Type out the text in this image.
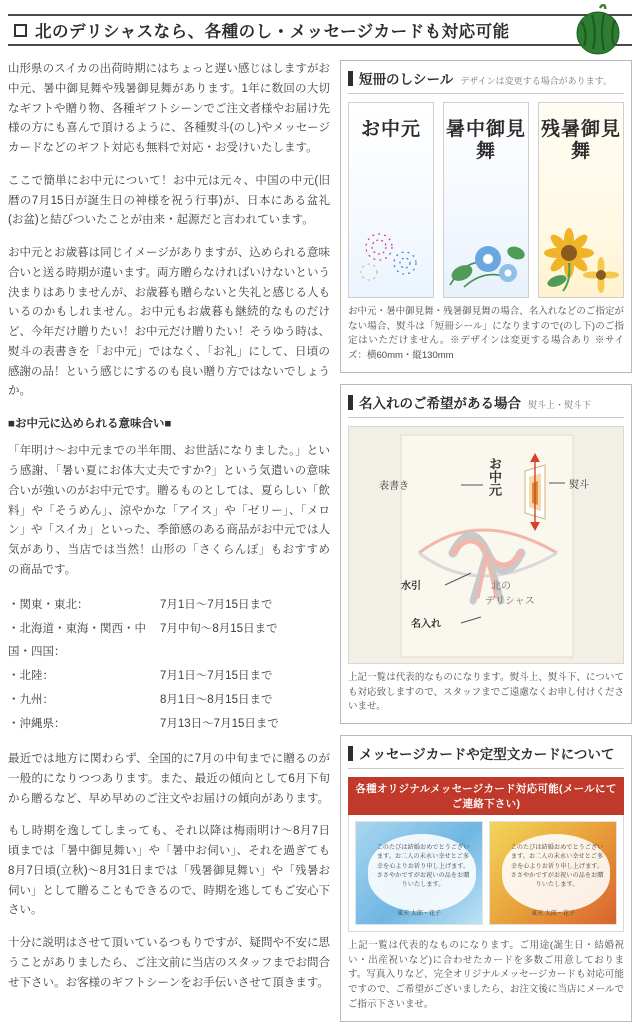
北のデリシャスなら、各種のし・メッセージカードも対応可能

山形県のスイカの出荷時期にはちょっと遅い感じはしますがお中元、暑中御見舞や残暑御見舞があります。1年に数回の大切なギフトや贈り物、各種ギフトシーンでご注文者様やお届け先様の方にも喜んで頂けるように、各種熨斗(のし)やメッセージカードなどのギフト対応も無料で対応・お受けいたします。

ここで簡単にお中元について！お中元は元々、中国の中元(旧暦の7月15日が誕生日の神様を祝う行事)が、日本にある盆礼(お盆)と結びついたことが由来・起源だと言われています。

お中元とお歳暮は同じイメージがありますが、込められる意味合いと送る時期が違います。両方贈らなければいけないという決まりはありませんが、お歳暮も贈らないと失礼と感じる人もいるのかもしれません。お中元もお歳暮も継続的なものだけど、今年だけ贈りたい！お中元だけ贈りたい！そうゆう時は、熨斗の表書きを「お中元」ではなく、「お礼」にして、日頃の感謝の品！という感じにするのも良い贈り方ではないでしょうか。

■お中元に込められる意味合い■

「年明け〜お中元までの半年間、お世話になりました。」という感謝、「暑い夏にお体大丈夫ですか?」という気遣いの意味合いが強いのがお中元です。贈るものとしては、夏らしい「飲料」や「そうめん」、涼やかな「アイス」や「ゼリー」、「メロン」や「スイカ」といった、季節感のある商品がお中元では人気があり、当店では当然！山形の「さくらんぼ」もおすすめの商品です。

・関東・東北：	7月1日〜7月15日まで
・北海道・東海・関西・中国・四国：
7月中旬〜8月15日まで
・北陸：	7月1日〜7月15日まで
・九州：	8月1日〜8月15日まで
・沖縄県：	7月13日〜7月15日まで

最近では地方に関わらず、全国的に7月の中旬までに贈るのが一般的になりつつあります。また、最近の傾向として6月下旬から贈るなど、早め早めのご注文やお届けの傾向があります。

もし時期を逸してしまっても、それ以降は梅雨明け〜8月7日頃までは「暑中御見舞い」や「暑中お伺い」、それを過ぎても8月7日頃(立秋)〜8月31日までは「残暑御見舞い」や「残暑お伺い」として贈ることもできるので、時期を逃してもご安心下さい。

十分に説明はさせて頂いているつもりですが、疑問や不安に思うことがありましたら、ご注文前に当店のスタッフまでお問合せ下さい。お客様のギフトシーンをお手伝いさせて頂きます。

短冊のしシール デザインは変更する場合があります。
お中元	暑中御見舞
残暑御見舞
お中元・暑中御見舞・残暑御見舞の場合、名入れなどのご指定がない場合、熨斗は「短冊シール」になりますので(のし下)のご指定はいただけません。※デザインは変更する場合あり ※サイズ：横60mm・縦130mm
名入れのご希望がある場合 熨斗上・熨斗下
表書き	お中元	熨斗
水引
名入れ
北の
デリシャス
上記一覧は代表的なものになります。熨斗上、熨斗下、についても対応致しますので、スタッフまでご遠慮なくお申し付けくださいませ。
メッセージカードや定型文カードについて
各種オリジナルメッセージカード対応可能(メールにてご連絡下さい)
このたびは結婚おめでとうございます。お二人の末永い幸せとご多幸を心よりお祈り申し上げます。ささやかですがお祝いの品をお贈りいたします。
東天 太郎・花子
このたびは結婚おめでとうございます。お二人の末永い幸せとご多幸を心よりお祈り申し上げます。ささやかですがお祝いの品をお贈りいたします。
東天 太郎・花子
上記一覧は代表的なものになります。ご用途(誕生日・結婚祝い・出産祝いなど)に合わせたカードを多数ご用意しております。写真入りなど、完全オリジナルメッセージカードも対応可能ですので、ご希望がございましたら、お注文後に当店にメールでご指示下さいませ。
